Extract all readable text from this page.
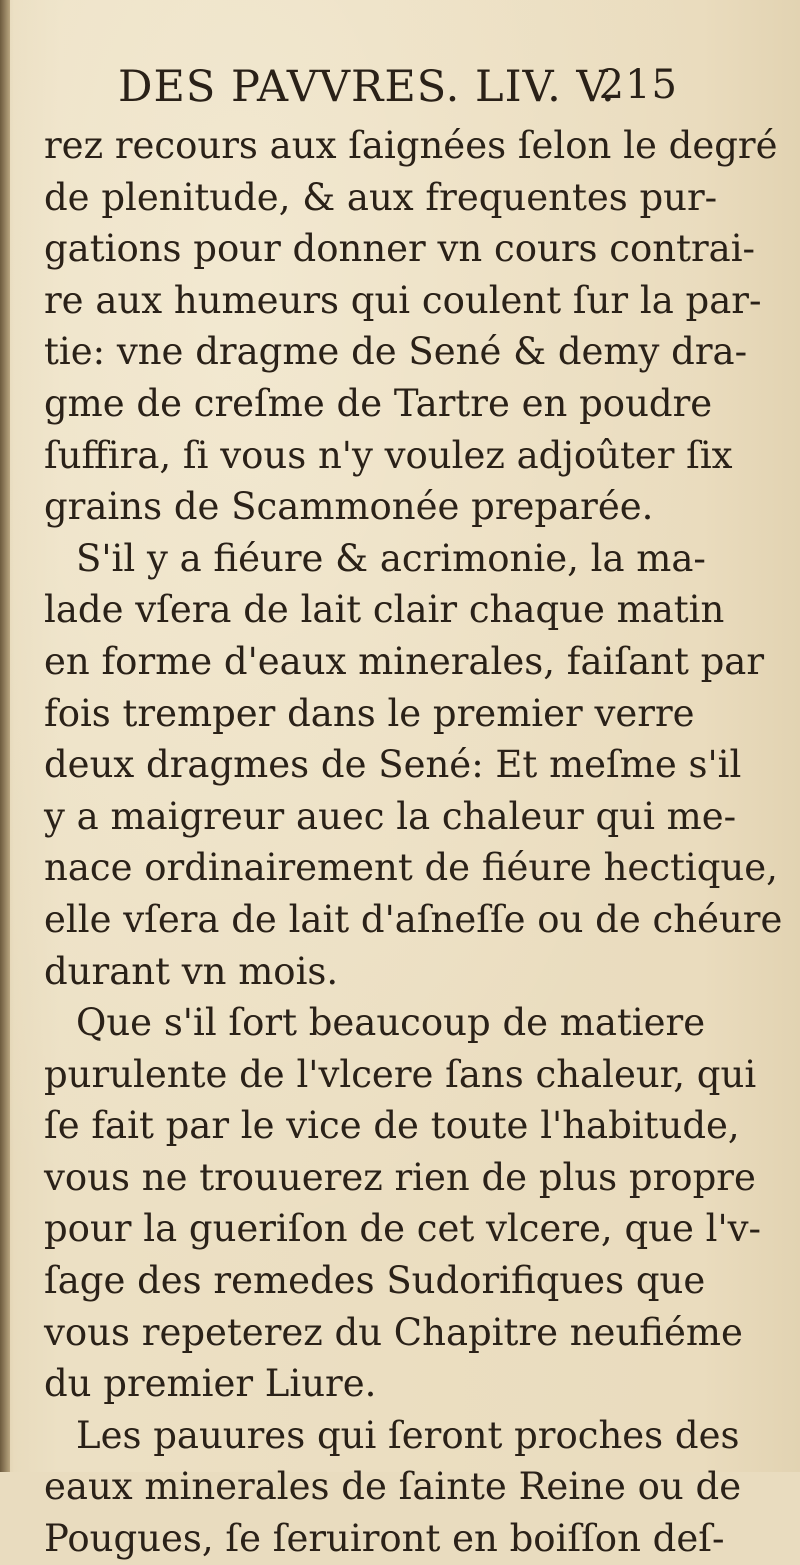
DES PAVVRES. LIV. V.
215
rez recours aux ſaignées ſelon le degré
de plenitude, & aux frequentes pur-
gations pour donner vn cours contrai-
re aux humeurs qui coulent ſur la par-
tie: vne dragme de Sené & demy dra-
gme de creſme de Tartre en poudre
ſuffira, ſi vous n'y voulez adjoûter ſix
grains de Scammonée preparée.
S'il y a fiéure & acrimonie, la ma-
lade vſera de lait clair chaque matin
en forme d'eaux minerales, faiſant par
fois tremper dans le premier verre
deux dragmes de Sené: Et meſme s'il
y a maigreur auec la chaleur qui me-
nace ordinairement de fiéure hectique,
elle vſera de lait d'aſneſſe ou de chéure
durant vn mois.
Que s'il ſort beaucoup de matiere
purulente de l'vlcere ſans chaleur, qui
ſe fait par le vice de toute l'habitude,
vous ne trouuerez rien de plus propre
pour la gueriſon de cet vlcere, que l'v-
ſage des remedes Sudorifiques que
vous repeterez du Chapitre neufiéme
du premier Liure.
Les pauures qui ſeront proches des
eaux minerales de ſainte Reine ou de
Pougues, ſe ſeruiront en boiſſon deſ-
